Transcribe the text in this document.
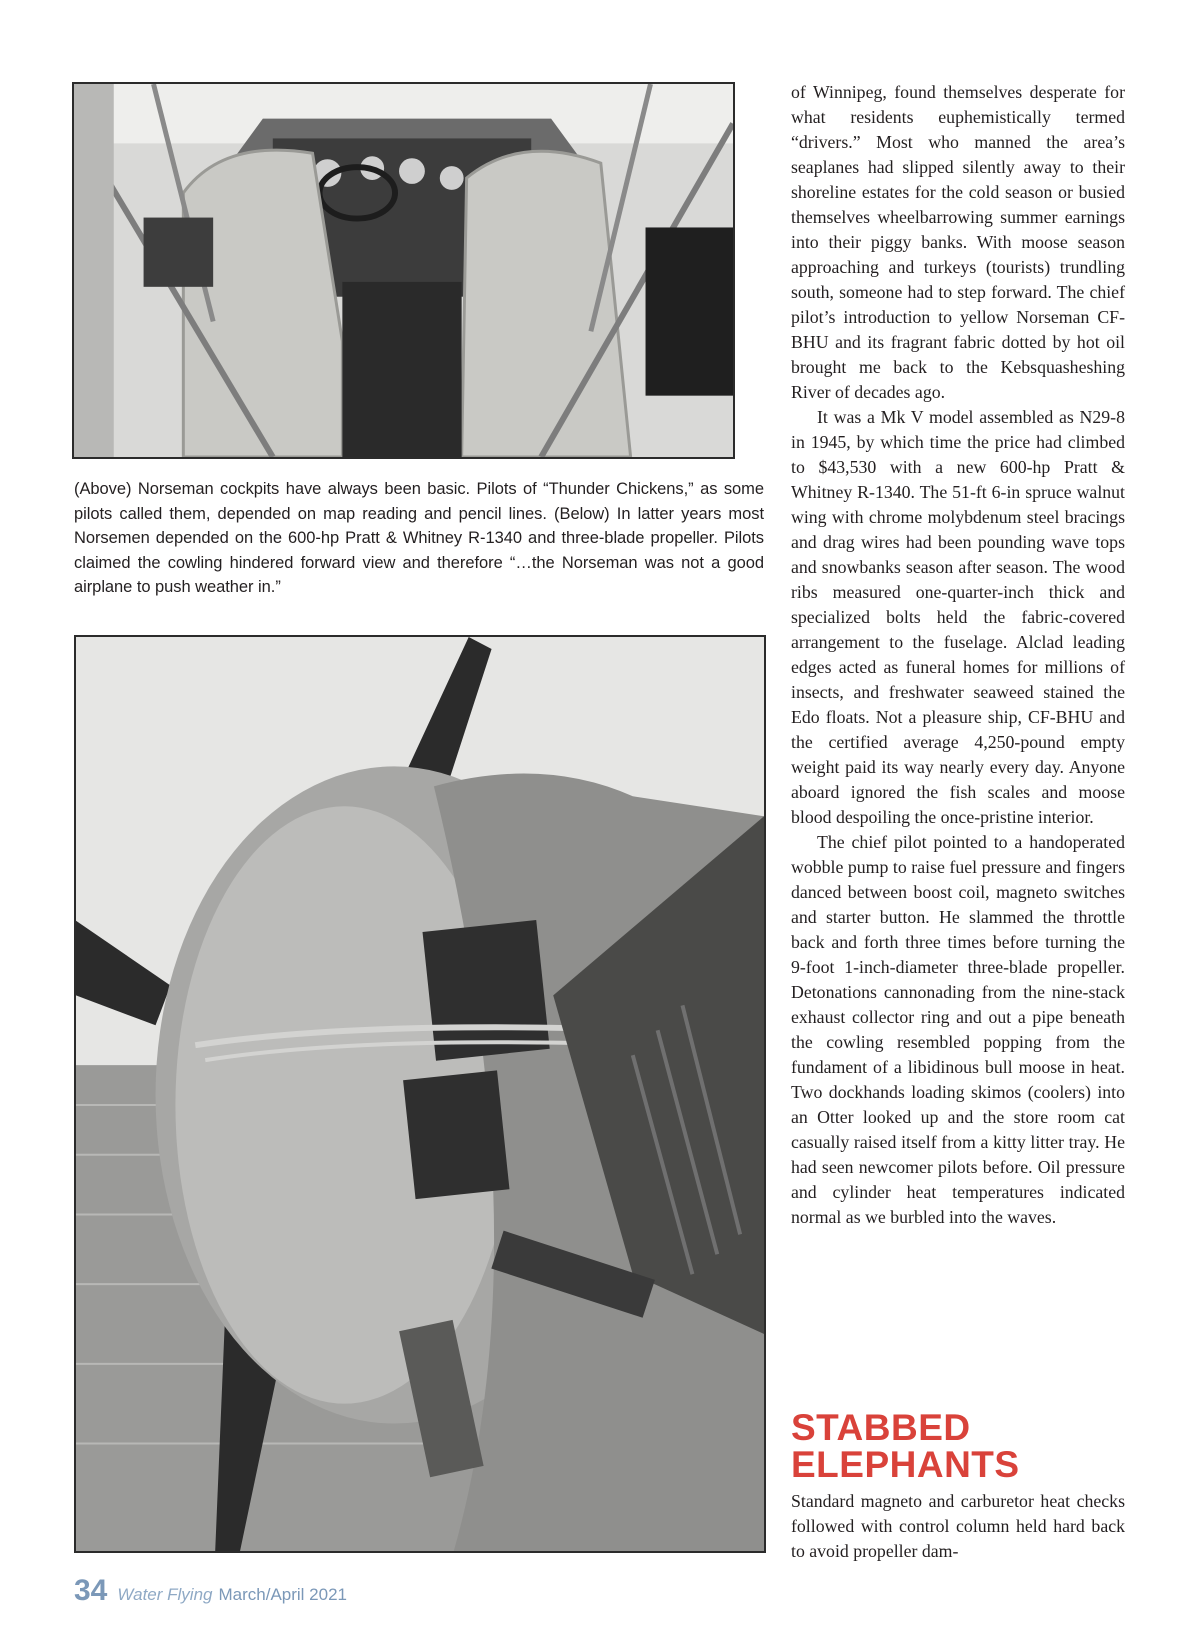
(Above) Norseman cockpits have always been basic. Pilots of “Thunder Chickens,” as some pilots called them, depended on map reading and pencil lines. (Below) In latter years most Norsemen depended on the 600-hp Pratt & Whitney R-1340 and three-blade propeller. Pilots claimed the cowling hindered forward view and therefore “…the Norseman was not a good airplane to push weather in.”

of Winnipeg, found themselves desperate for what residents euphemistically termed “drivers.” Most who manned the area’s seaplanes had slipped silently away to their shoreline estates for the cold season or busied themselves wheelbarrowing summer earnings into their piggy banks. With moose season approaching and turkeys (tourists) trundling south, someone had to step forward. The chief pilot’s introduction to yellow Norseman CF-BHU and its fragrant fabric dotted by hot oil brought me back to the Kebsquasheshing River of decades ago.

It was a Mk V model assembled as N29-8 in 1945, by which time the price had climbed to $43,530 with a new 600-hp Pratt & Whitney R-1340. The 51-ft 6-in spruce walnut wing with chrome molybdenum steel bracings and drag wires had been pounding wave tops and snowbanks season after season. The wood ribs measured one-quarter-inch thick and specialized bolts held the fabric-covered arrangement to the fuselage. Alclad leading edges acted as funeral homes for millions of insects, and freshwater seaweed stained the Edo floats. Not a pleasure ship, CF-BHU and the certified average 4,250-pound empty weight paid its way nearly every day. Anyone aboard ignored the fish scales and moose blood despoiling the once-pristine interior.

The chief pilot pointed to a handoperated wobble pump to raise fuel pressure and fingers danced between boost coil, magneto switches and starter button. He slammed the throttle back and forth three times before turning the 9-foot 1-inch-diameter three-blade propeller. Detonations cannonading from the nine-stack exhaust collector ring and out a pipe beneath the cowling resembled popping from the fundament of a libidinous bull moose in heat. Two dockhands loading skimos (coolers) into an Otter looked up and the store room cat casually raised itself from a kitty litter tray. He had seen newcomer pilots before. Oil pressure and cylinder heat temperatures indicated normal as we burbled into the waves.

STABBED
ELEPHANTS

Standard magneto and carburetor heat checks followed with control column held hard back to avoid propeller dam-

34 Water Flying March/April 2021
